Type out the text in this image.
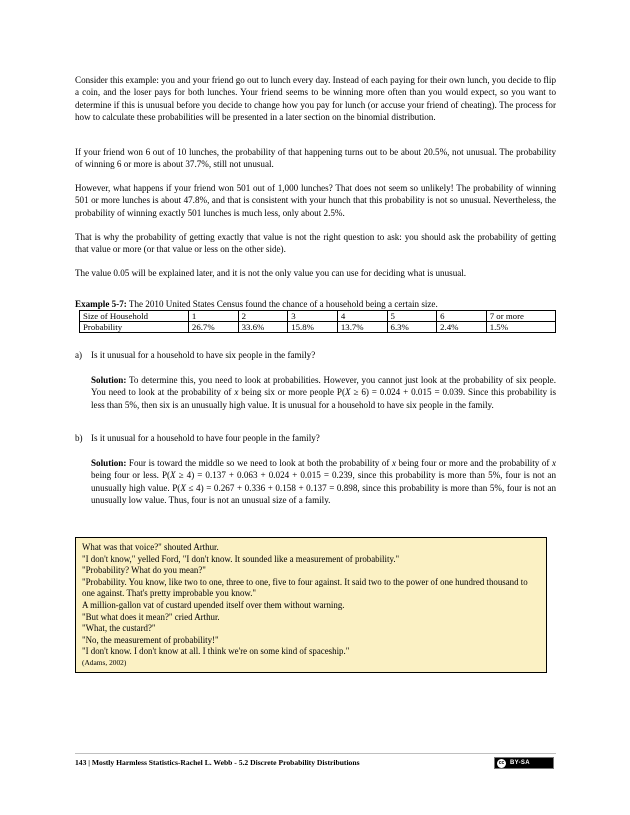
Consider this example: you and your friend go out to lunch every day. Instead of each paying for their own lunch, you decide to flip a coin, and the loser pays for both lunches. Your friend seems to be winning more often than you would expect, so you want to determine if this is unusual before you decide to change how you pay for lunch (or accuse your friend of cheating). The process for how to calculate these probabilities will be presented in a later section on the binomial distribution.

If your friend won 6 out of 10 lunches, the probability of that happening turns out to be about 20.5%, not unusual. The probability of winning 6 or more is about 37.7%, still not unusual.

However, what happens if your friend won 501 out of 1,000 lunches? That does not seem so unlikely! The probability of winning 501 or more lunches is about 47.8%, and that is consistent with your hunch that this probability is not so unusual. Nevertheless, the probability of winning exactly 501 lunches is much less, only about 2.5%.

That is why the probability of getting exactly that value is not the right question to ask: you should ask the probability of getting that value or more (or that value or less on the other side).

The value 0.05 will be explained later, and it is not the only value you can use for deciding what is unusual.

Example 5-7: The 2010 United States Census found the chance of a household being a certain size.
Size of Household	1	2	3	4	5	6	7 or more
Probability	26.7%	33.6%	15.8%	13.7%	6.3%	2.4%	1.5%
a) Is it unusual for a household to have six people in the family?
Solution: To determine this, you need to look at probabilities. However, you cannot just look at the probability of six people. You need to look at the probability of x being six or more people P(X ≥ 6) = 0.024 + 0.015 = 0.039. Since this probability is less than 5%, then six is an unusually high value. It is unusual for a household to have six people in the family.
b) Is it unusual for a household to have four people in the family?
Solution: Four is toward the middle so we need to look at both the probability of x being four or more and the probability of x being four or less. P(X ≥ 4) = 0.137 + 0.063 + 0.024 + 0.015 = 0.239, since this probability is more than 5%, four is not an unusually high value. P(X ≤ 4) = 0.267 + 0.336 + 0.158 + 0.137 = 0.898, since this probability is more than 5%, four is not an unusually low value. Thus, four is not an unusual size of a family.
What was that voice?" shouted Arthur.
"I don't know," yelled Ford, "I don't know. It sounded like a measurement of probability."
"Probability? What do you mean?"
"Probability. You know, like two to one, three to one, five to four against. It said two to the power of one hundred thousand to one against. That's pretty improbable you know."
A million-gallon vat of custard upended itself over them without warning.
"But what does it mean?" cried Arthur.
"What, the custard?"
"No, the measurement of probability!"
"I don't know. I don't know at all. I think we're on some kind of spaceship."
(Adams, 2002)
143 | Mostly Harmless Statistics-Rachel L. Webb - 5.2 Discrete Probability Distributions	cc BY-SA
